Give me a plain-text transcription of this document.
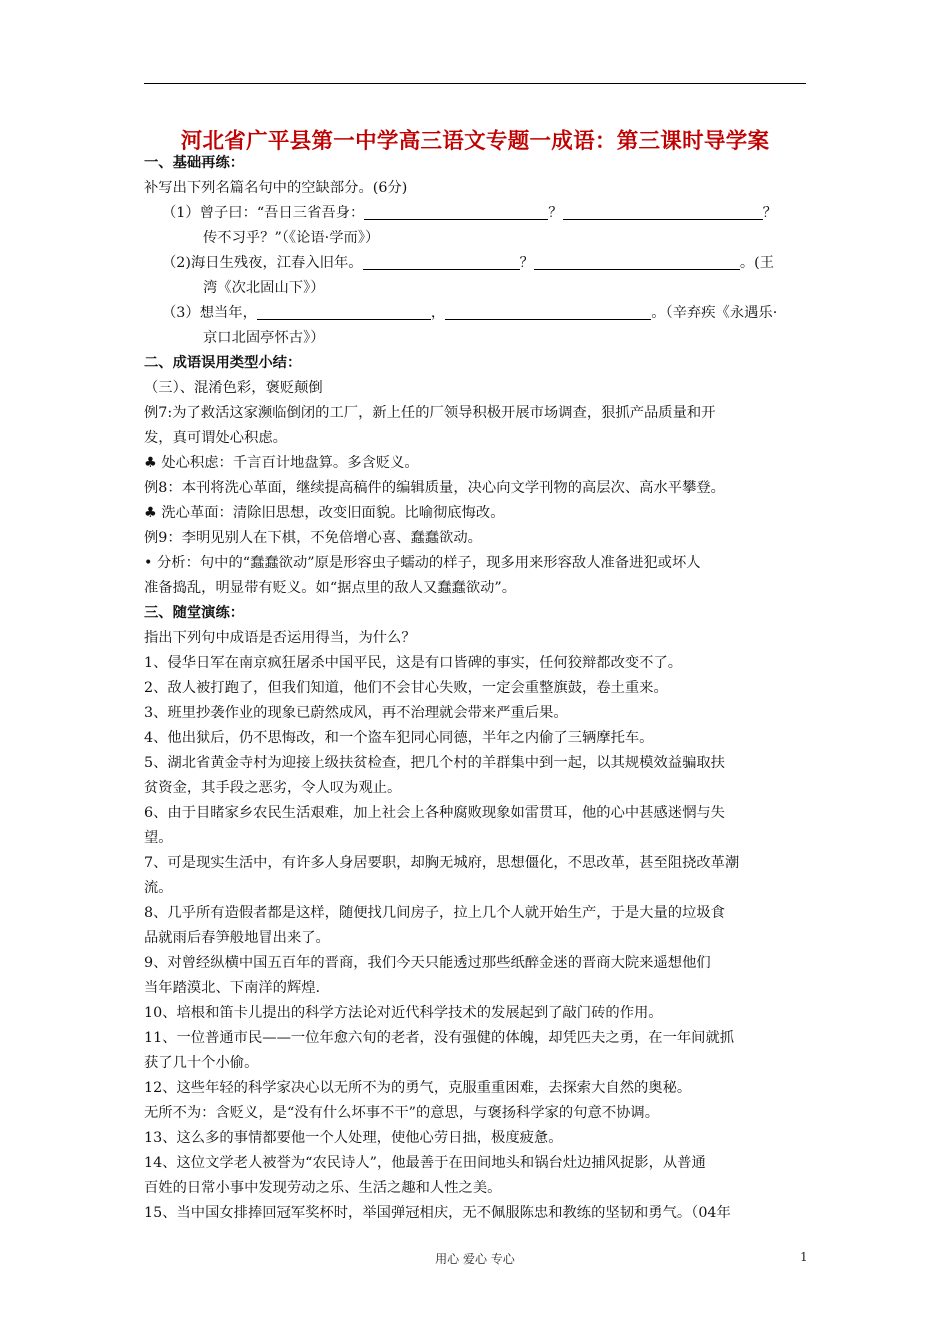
河北省广平县第一中学高三语文专题一成语：第三课时导学案
一、基础再练：
补写出下列名篇名句中的空缺部分。(6分)
（1）曾子曰：“吾日三省吾身：	？	？
传不习乎？”（《论语·学而》）
（2)海日生残夜，江春入旧年。	？	。(王
湾《次北固山下》）
（3）想当年，	，	。（辛弃疾《永遇乐·
京口北固亭怀古》）
二、成语误用类型小结：
（三）、混淆色彩，褒贬颠倒
例7:为了救活这家濒临倒闭的工厂，新上任的厂领导积极开展市场调查，狠抓产品质量和开
发，真可谓处心积虑。
♣ 处心积虑：千言百计地盘算。多含贬义。
例8：本刊将洗心革面，继续提高稿件的编辑质量，决心向文学刊物的高层次、高水平攀登。
♣ 洗心革面：清除旧思想，改变旧面貌。比喻彻底悔改。
例9：李明见别人在下棋，不免倍增心喜、蠢蠢欲动。
• 分析：句中的“蠢蠢欲动”原是形容虫子蠕动的样子，现多用来形容敌人准备进犯或坏人
准备捣乱，明显带有贬义。如“据点里的敌人又蠢蠢欲动”。
三、随堂演练：
指出下列句中成语是否运用得当，为什么？
1、侵华日军在南京疯狂屠杀中国平民，这是有口皆碑的事实，任何狡辩都改变不了。
2、敌人被打跑了，但我们知道，他们不会甘心失败，一定会重整旗鼓，卷土重来。
3、班里抄袭作业的现象已蔚然成风，再不治理就会带来严重后果。
4、他出狱后，仍不思悔改，和一个盗车犯同心同德，半年之内偷了三辆摩托车。
5、湖北省黄金寺村为迎接上级扶贫检查，把几个村的羊群集中到一起，以其规模效益骗取扶
贫资金，其手段之恶劣，令人叹为观止。
6、由于目睹家乡农民生活艰难，加上社会上各种腐败现象如雷贯耳，他的心中甚感迷惘与失
望。
7、可是现实生活中，有许多人身居要职，却胸无城府，思想僵化，不思改革，甚至阻挠改革潮
流。
8、几乎所有造假者都是这样，随便找几间房子，拉上几个人就开始生产，于是大量的垃圾食
品就雨后春笋般地冒出来了。
9、对曾经纵横中国五百年的晋商，我们今天只能透过那些纸醉金迷的晋商大院来遥想他们
当年踏漠北、下南洋的辉煌.
10、培根和笛卡儿提出的科学方法论对近代科学技术的发展起到了敲门砖的作用。
11、一位普通市民——一位年愈六旬的老者，没有强健的体魄，却凭匹夫之勇，在一年间就抓
获了几十个小偷。
12、这些年轻的科学家决心以无所不为的勇气，克服重重困难，去探索大自然的奥秘。
无所不为：含贬义，是“没有什么坏事不干”的意思，与褒扬科学家的句意不协调。
13、这么多的事情都要他一个人处理，使他心劳日拙，极度疲惫。
14、这位文学老人被誉为“农民诗人”，他最善于在田间地头和锅台灶边捕风捉影，从普通
百姓的日常小事中发现劳动之乐、生活之趣和人性之美。
15、当中国女排捧回冠军奖杯时，举国弹冠相庆，无不佩服陈忠和教练的坚韧和勇气。（04年
用心 爱心 专心	1
